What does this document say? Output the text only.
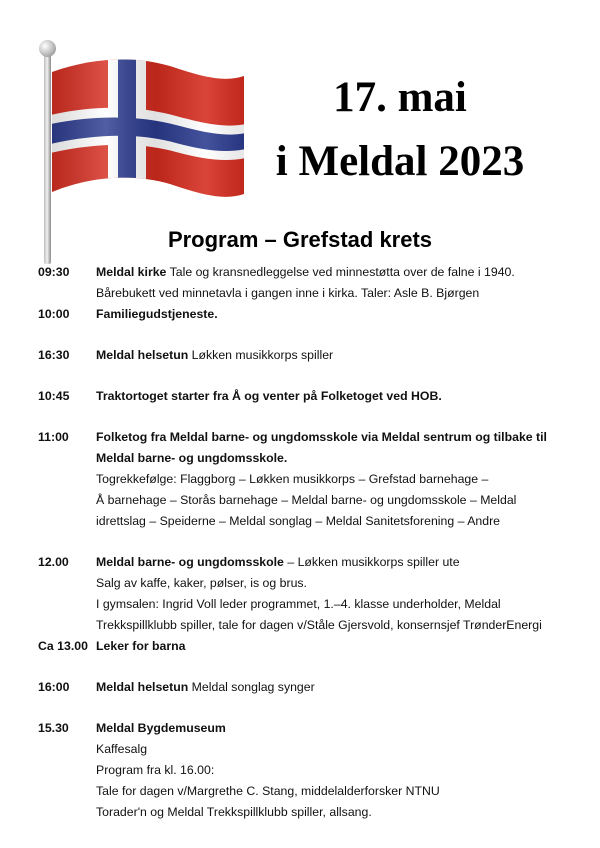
17. mai
i Meldal 2023
Program – Grefstad krets
09:30	Meldal kirke Tale og kransnedleggelse ved minnestøtta over de falne i 1940.
Bårebukett ved minnetavla i gangen inne i kirka. Taler: Asle B. Bjørgen
10:00	Familiegudstjeneste.
16:30	Meldal helsetun Løkken musikkorps spiller
10:45	Traktortoget starter fra Å og venter på Folketoget ved HOB.
11:00	Folketog fra Meldal barne- og ungdomsskole via Meldal sentrum og tilbake til
Meldal barne- og ungdomsskole.
Togrekkefølge: Flaggborg – Løkken musikkorps – Grefstad barnehage –
Å barnehage – Storås barnehage – Meldal barne- og ungdomsskole – Meldal
idrettslag – Speiderne – Meldal songlag – Meldal Sanitetsforening – Andre
12.00	Meldal barne- og ungdomsskole – Løkken musikkorps spiller ute
Salg av kaffe, kaker, pølser, is og brus.
I gymsalen: Ingrid Voll leder programmet, 1.–4. klasse underholder, Meldal
Trekkspillklubb spiller, tale for dagen v/Ståle Gjersvold, konsernsjef TrønderEnergi
Ca 13.00 Leker for barna
16:00	Meldal helsetun Meldal songlag synger
15.30	Meldal Bygdemuseum
Kaffesalg
Program fra kl. 16.00:
Tale for dagen v/Margrethe C. Stang, middelalderforsker NTNU
Torader'n og Meldal Trekkspillklubb spiller, allsang.
